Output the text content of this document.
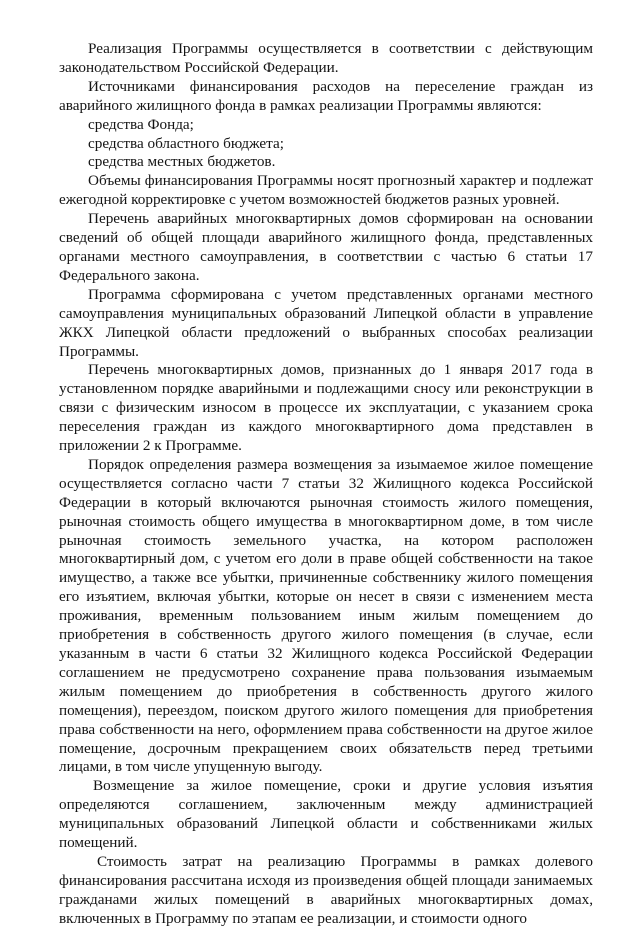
Реализация Программы осуществляется в соответствии с действующим законодательством Российской Федерации.

Источниками финансирования расходов на переселение граждан из аварийного жилищного фонда в рамках реализации Программы являются:

средства Фонда;

средства областного бюджета;

средства местных бюджетов.

Объемы финансирования Программы носят прогнозный характер и подлежат ежегодной корректировке с учетом возможностей бюджетов разных уровней.

Перечень аварийных многоквартирных домов сформирован на основании сведений об общей площади аварийного жилищного фонда, представленных органами местного самоуправления, в соответствии с частью 6 статьи 17 Федерального закона.

Программа сформирована с учетом представленных органами местного самоуправления муниципальных образований Липецкой области в управление ЖКХ Липецкой области предложений о выбранных способах реализации Программы.

Перечень многоквартирных домов, признанных до 1 января 2017 года в установленном порядке аварийными и подлежащими сносу или реконструкции в связи с физическим износом в процессе их эксплуатации, с указанием срока переселения граждан из каждого многоквартирного дома представлен в приложении 2 к Программе.

Порядок определения размера возмещения за изымаемое жилое помещение осуществляется согласно части 7 статьи 32 Жилищного кодекса Российской Федерации в который включаются рыночная стоимость жилого помещения, рыночная стоимость общего имущества в многоквартирном доме, в том числе рыночная стоимость земельного участка, на котором расположен многоквартирный дом, с учетом его доли в праве общей собственности на такое имущество, а также все убытки, причиненные собственнику жилого помещения его изъятием, включая убытки, которые он несет в связи с изменением места проживания, временным пользованием иным жилым помещением до приобретения в собственность другого жилого помещения (в случае, если указанным в части 6 статьи 32 Жилищного кодекса Российской Федерации соглашением не предусмотрено сохранение права пользования изымаемым жилым помещением до приобретения в собственность другого жилого помещения), переездом, поиском другого жилого помещения для приобретения права собственности на него, оформлением права собственности на другое жилое помещение, досрочным прекращением своих обязательств перед третьими лицами, в том числе упущенную выгоду.

Возмещение за жилое помещение, сроки и другие условия изъятия определяются соглашением, заключенным между администрацией муниципальных образований Липецкой области и собственниками жилых помещений.

Стоимость затрат на реализацию Программы в рамках долевого финансирования рассчитана исходя из произведения общей площади занимаемых гражданами жилых помещений в аварийных многоквартирных домах, включенных в Программу по этапам ее реализации, и стоимости одного
